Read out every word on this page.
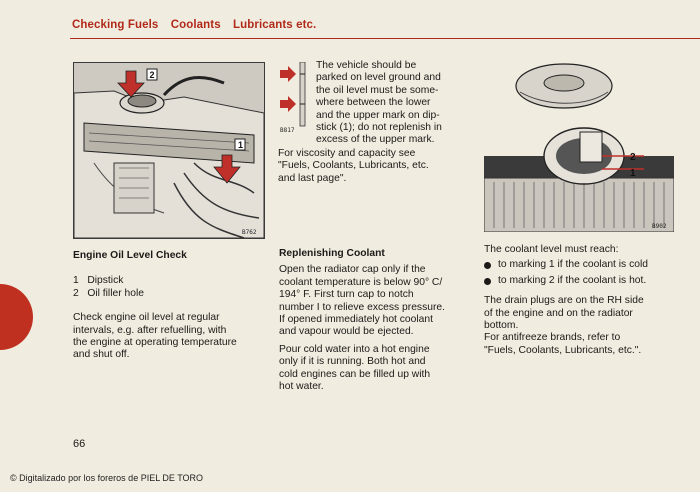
Checking Fuels Coolants Lubricants etc.
2
1
B762
B817
2
1
B902

The vehicle should be

parked on level ground and

the oil level must be some-

where between the lower

and the upper mark on dip-

stick (1); do not replenish in

excess of the upper mark.

For viscosity and capacity see

"Fuels, Coolants, Lubricants, etc.

and last page".

Engine Oil Level Check

1 Dipstick
2 Oil filler hole

Check engine oil level at regular

intervals, e.g. after refuelling, with

the engine at operating temperature

and shut off.

Replenishing Coolant

Open the radiator cap only if the

coolant temperature is below 90° C/

194° F. First turn cap to notch

number I to relieve excess pressure.

If opened immediately hot coolant

and vapour would be ejected.

Pour cold water into a hot engine

only if it is running. Both hot and

cold engines can be filled up with

hot water.

The coolant level must reach:

to marking 1 if the coolant is cold
to marking 2 if the coolant is hot.

The drain plugs are on the RH side

of the engine and on the radiator

bottom.

For antifreeze brands, refer to

"Fuels, Coolants, Lubricants, etc.".

66
© Digitalizado por los foreros de PIEL DE TORO
